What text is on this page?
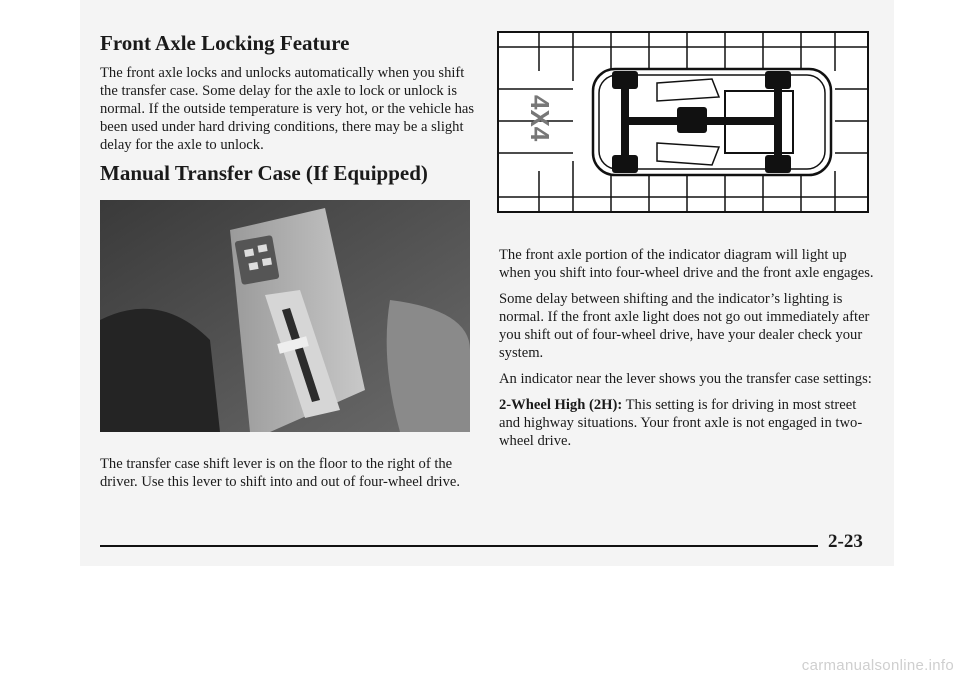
Front Axle Locking Feature

The front axle locks and unlocks automatically when you shift the transfer case. Some delay for the axle to lock or unlock is normal. If the outside temperature is very hot, or the vehicle has been used under hard driving conditions, there may be a slight delay for the axle to unlock.

Manual Transfer Case (If Equipped)

The transfer case shift lever is on the floor to the right of the driver. Use this lever to shift into and out of four-wheel drive.

4X4

The front axle portion of the indicator diagram will light up when you shift into four-wheel drive and the front axle engages.

Some delay between shifting and the indicator’s lighting is normal. If the front axle light does not go out immediately after you shift out of four-wheel drive, have your dealer check your system.

An indicator near the lever shows you the transfer case settings:

2-Wheel High (2H): This setting is for driving in most street and highway situations. Your front axle is not engaged in two-wheel drive.

2-23
carmanualsonline.info
